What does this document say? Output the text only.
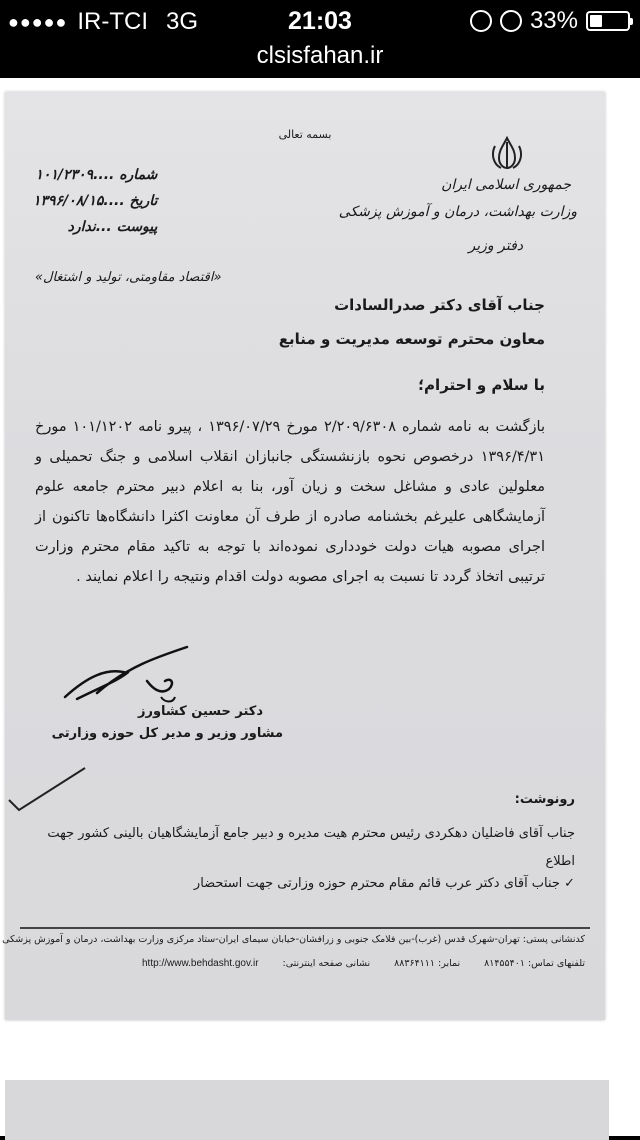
●●●●● IR-TCI 3G	21:03	33%
clsisfahan.ir
بسمه تعالی
جمهوری اسلامی ایران
وزارت بهداشت، درمان و آموزش پزشکی
دفتر وزیر
شماره ....۱۰۱/۲۳۰۹
تاریخ ....۱۳۹۶/۰۸/۱۵
پیوست ...ندارد
«اقتصاد مقاومتی، تولید و اشتغال»
جناب آقای دکتر صدرالسادات
معاون محترم توسعه مدیریت و منابع
با سلام و احترام؛
بازگشت به نامه شماره ۲/۲۰۹/۶۳۰۸ مورخ ۱۳۹۶/۰۷/۲۹ ، پیرو نامه ۱۰۱/۱۲۰۲ مورخ ۱۳۹۶/۴/۳۱ درخصوص نحوه بازنشستگی جانبازان انقلاب اسلامی و جنگ تحمیلی و معلولین عادی و مشاغل سخت و زیان آور، بنا به اعلام دبیر محترم جامعه علوم آزمایشگاهی علیرغم بخشنامه صادره از طرف آن معاونت اکثرا دانشگاه‌ها تاکنون از اجرای مصوبه هیات دولت خودداری نموده‌اند با توجه به تاکید مقام محترم وزارت ترتیبی اتخاذ گردد تا نسبت به اجرای مصوبه دولت اقدام ونتیجه را اعلام نمایند .
دکتر حسین کشاورز
مشاور وزیر و مدیر کل حوزه وزارتی
رونوشت:
جناب آقای فاضلیان دهکردی رئیس محترم هیت مدیره و دبیر جامع آزمایشگاهیان بالینی کشور جهت اطلاع
✓ جناب آقای دکتر عرب قائم مقام محترم حوزه وزارتی جهت استحضار
کدنشانی پستی: تهران-شهرک قدس (غرب)-بین فلامک جنوبی و زرافشان-خیابان سیمای ایران-ستاد مرکزی وزارت بهداشت، درمان و آموزش پزشکی
تلفنهای تماس: ۸۱۴۵۵۴۰۱
نمابر: ۸۸۳۶۴۱۱۱
نشانی صفحه اینترنتی:
http://www.behdasht.gov.ir
